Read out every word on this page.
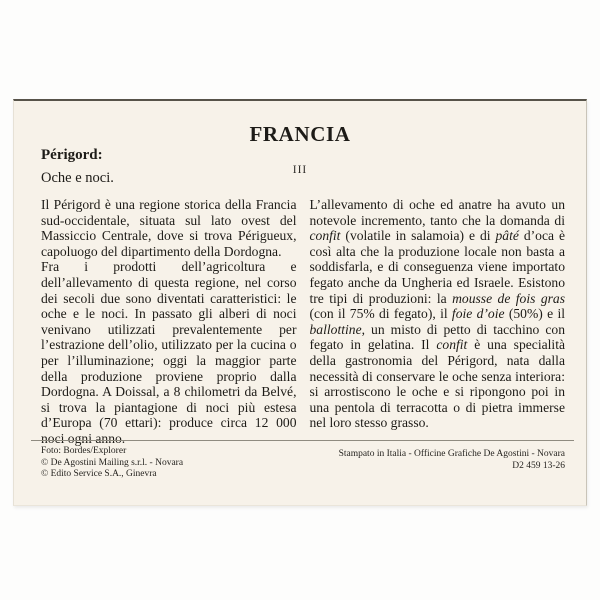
FRANCIA
III
Périgord:
Oche e noci.

Il Périgord è una regione storica della Francia sud-occidentale, situata sul lato ovest del Massiccio Centrale, dove si trova Périgueux, capoluogo del dipartimento della Dordogna.

Fra i prodotti dell’agricoltura e dell’allevamento di questa regione, nel corso dei secoli due sono diventati caratteristici: le oche e le noci. In passato gli alberi di noci venivano utilizzati prevalentemente per l’estrazione dell’olio, utilizzato per la cucina o per l’illuminazione; oggi la maggior parte della produzione proviene proprio dalla Dordogna. A Doissal, a 8 chilometri da Belvé, si trova la piantagione di noci più estesa d’Europa (70 ettari): produce circa 12 000 noci ogni anno.

L’allevamento di oche ed anatre ha avuto un notevole incremento, tanto che la domanda di confit (volatile in salamoia) e di pâté d’oca è così alta che la produzione locale non basta a soddisfarla, e di conseguenza viene importato fegato anche da Ungheria ed Israele. Esistono tre tipi di produzioni: la mousse de fois gras (con il 75% di fegato), il foie d’oie (50%) e il ballottine, un misto di petto di tacchino con fegato in gelatina. Il confit è una specialità della gastronomia del Périgord, nata dalla necessità di conservare le oche senza interiora: si arrostiscono le oche e si ripongono poi in una pentola di terracotta o di pietra immerse nel loro stesso grasso.

Foto: Bordes/Explorer
© De Agostini Mailing s.r.l. - Novara
© Edito Service S.A., Ginevra
Stampato in Italia - Officine Grafiche De Agostini - Novara
D2 459 13-26
